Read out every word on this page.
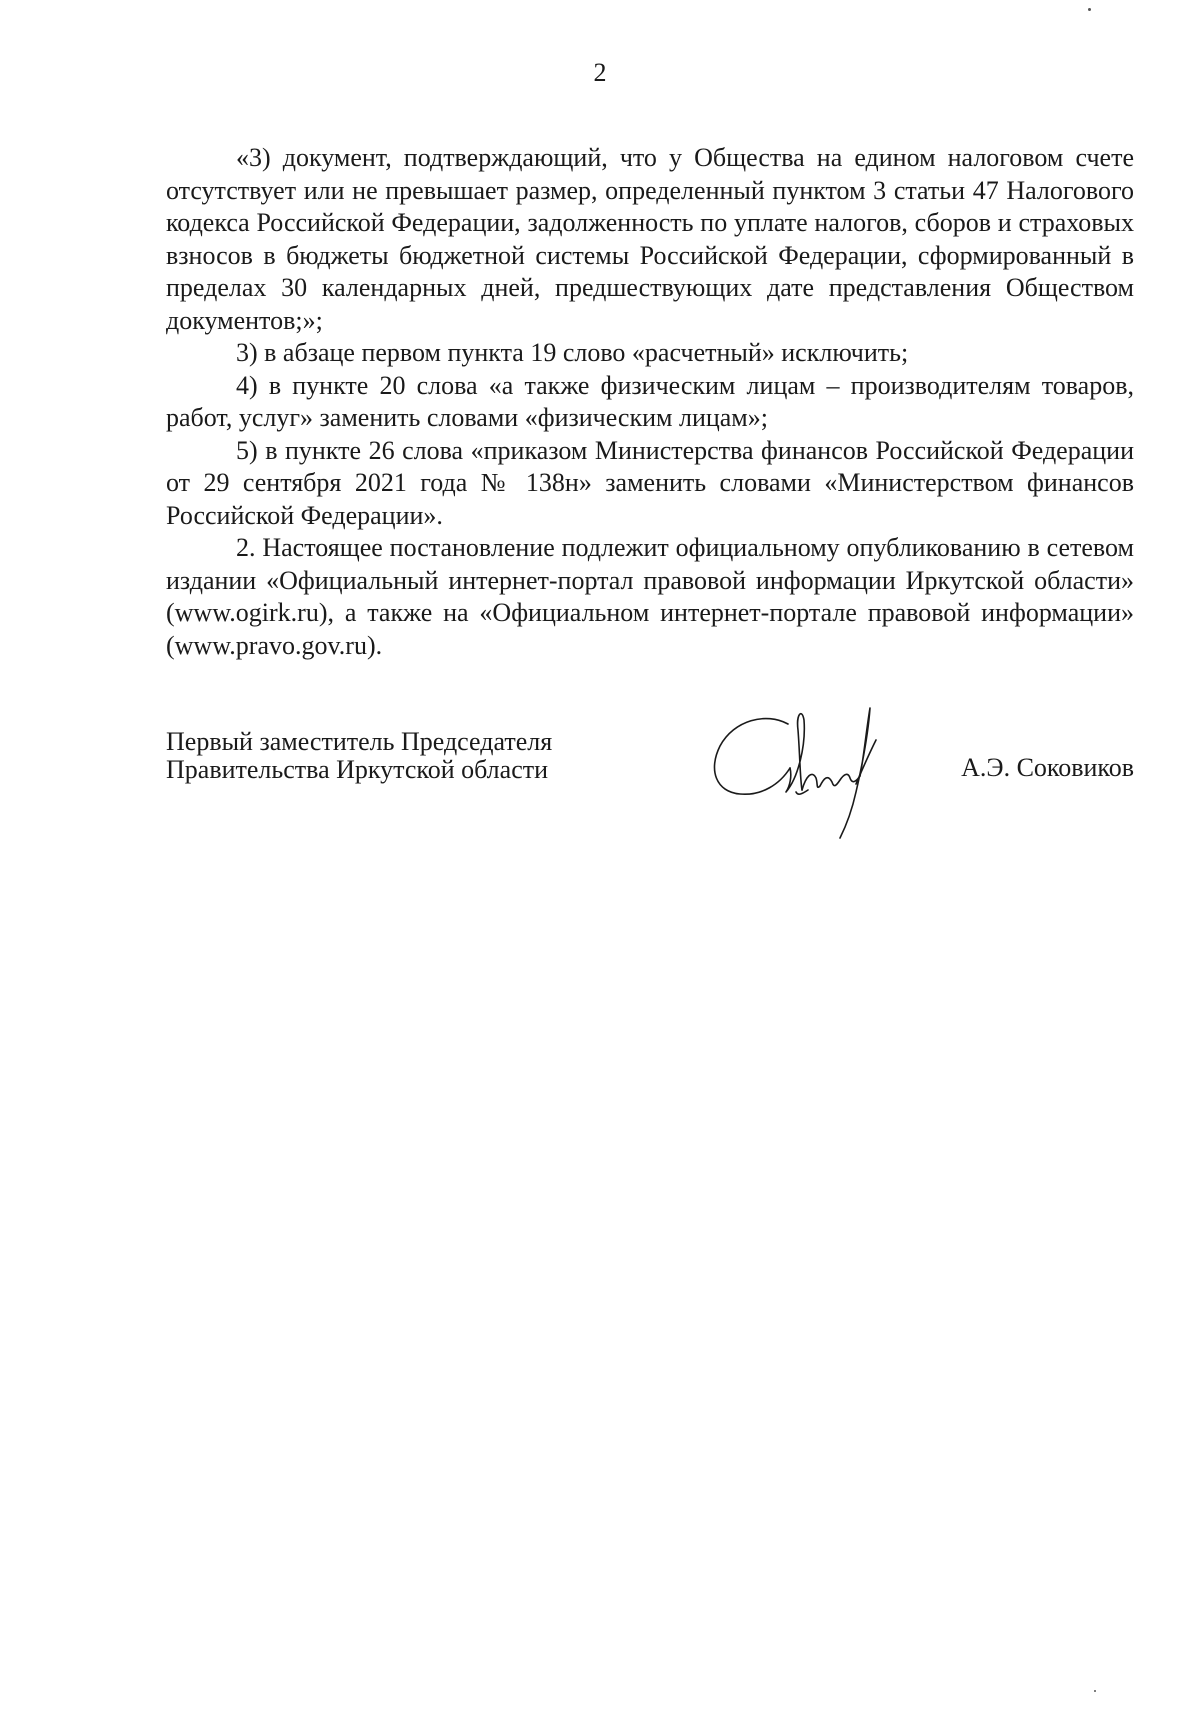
2

«3) документ, подтверждающий, что у Общества на едином налоговом счете отсутствует или не превышает размер, определенный пунктом 3 статьи 47 Налогового кодекса Российской Федерации, задолженность по уплате налогов, сборов и страховых взносов в бюджеты бюджетной системы Российской Федерации, сформированный в пределах 30 календарных дней, предшествующих дате представления Обществом документов;»;

3) в абзаце первом пункта 19 слово «расчетный» исключить;

4) в пункте 20 слова «а также физическим лицам – производителям товаров, работ, услуг» заменить словами «физическим лицам»;

5) в пункте 26 слова «приказом Министерства финансов Российской Федерации от 29 сентября 2021 года № 138н» заменить словами «Министерством финансов Российской Федерации».

2. Настоящее постановление подлежит официальному опубликованию в сетевом издании «Официальный интернет-портал правовой информации Иркутской области» (www.ogirk.ru), а также на «Официальном интернет-портале правовой информации» (www.pravo.gov.ru).

Первый заместитель Председателя
Правительства Иркутской области	А.Э. Соковиков
